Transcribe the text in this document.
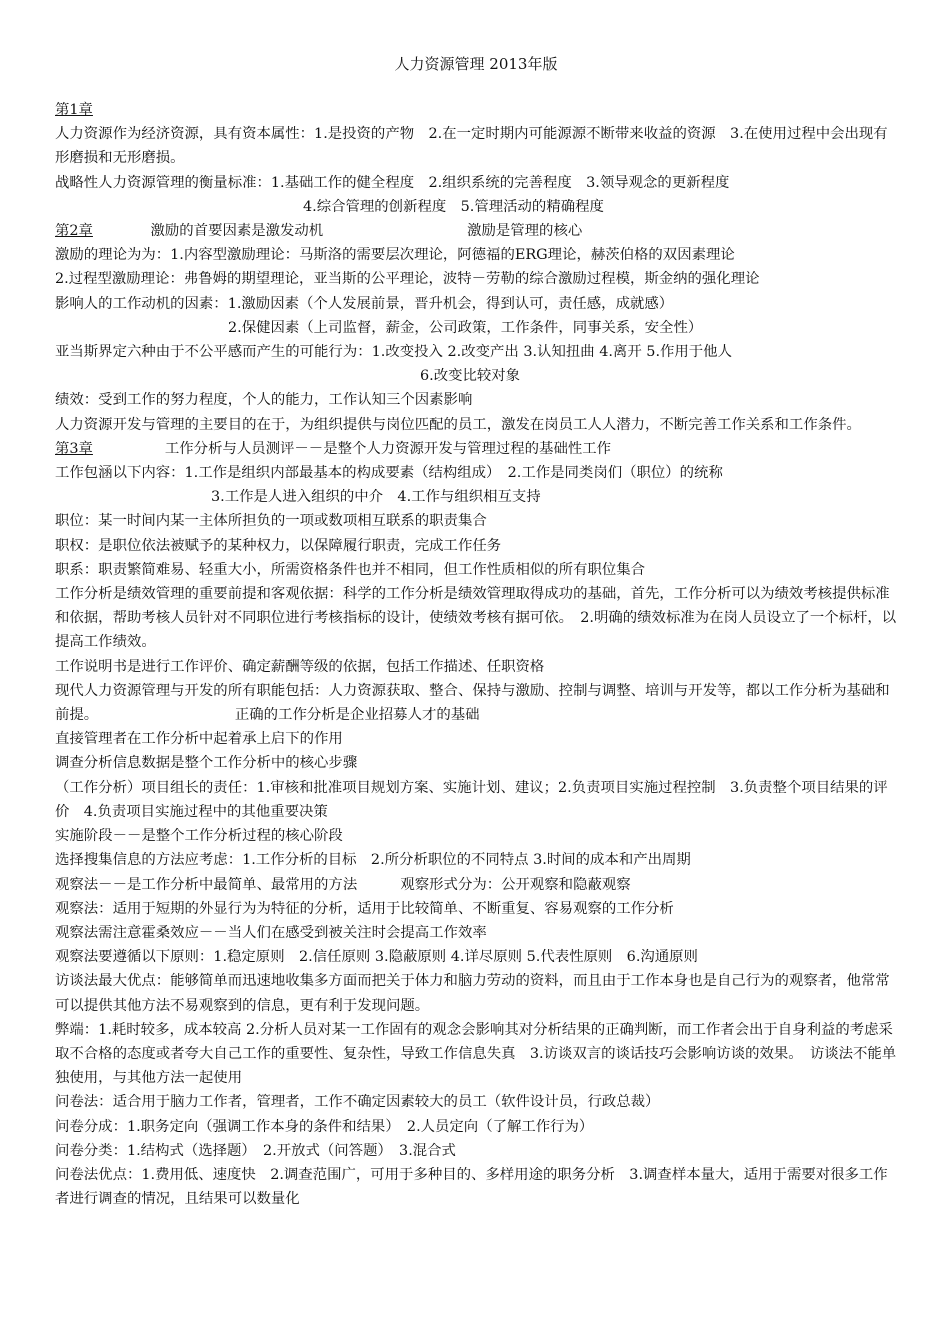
人力资源管理 2013年版

第1章

人力资源作为经济资源，具有资本属性：1.是投资的产物　2.在一定时期内可能源源不断带来收益的资源　3.在使用过程中会出现有形磨损和无形磨损。

战略性人力资源管理的衡量标准：1.基础工作的健全程度　2.组织系统的完善程度　3.领导观念的更新程度

4.综合管理的创新程度　5.管理活动的精确程度

第2章　　　　激励的首要因素是激发动机　　　　　　　　　　激励是管理的核心

激励的理论为为：1.内容型激励理论：马斯洛的需要层次理论，阿德福的ERG理论，赫茨伯格的双因素理论

2.过程型激励理论：弗鲁姆的期望理论，亚当斯的公平理论，波特－劳勒的综合激励过程模，斯金纳的强化理论

影响人的工作动机的因素：1.激励因素（个人发展前景，晋升机会，得到认可，责任感，成就感）

2.保健因素（上司监督，薪金，公司政策，工作条件，同事关系，安全性）

亚当斯界定六种由于不公平感而产生的可能行为：1.改变投入 2.改变产出 3.认知扭曲 4.离开 5.作用于他人

6.改变比较对象

绩效：受到工作的努力程度，个人的能力，工作认知三个因素影响

人力资源开发与管理的主要目的在于，为组织提供与岗位匹配的员工，激发在岗员工人人潜力，不断完善工作关系和工作条件。

第3章　　　　　工作分析与人员测评－－是整个人力资源开发与管理过程的基础性工作

工作包涵以下内容：1.工作是组织内部最基本的构成要素（结构组成）　2.工作是同类岗们（职位）的统称

3.工作是人进入组织的中介　4.工作与组织相互支持

职位：某一时间内某一主体所担负的一项或数项相互联系的职责集合

职权：是职位依法被赋予的某种权力，以保障履行职责，完成工作任务

职系：职责繁简难易、轻重大小，所需资格条件也并不相同，但工作性质相似的所有职位集合

工作分析是绩效管理的重要前提和客观依据：科学的工作分析是绩效管理取得成功的基础，首先，工作分析可以为绩效考核提供标准和依据，帮助考核人员针对不同职位进行考核指标的设计，使绩效考核有据可依。　2.明确的绩效标准为在岗人员设立了一个标杆，以提高工作绩效。

工作说明书是进行工作评价、确定薪酬等级的依据，包括工作描述、任职资格

现代人力资源管理与开发的所有职能包括：人力资源获取、整合、保持与激励、控制与调整、培训与开发等，都以工作分析为基础和前提。　　　　　　　　　　正确的工作分析是企业招募人才的基础

直接管理者在工作分析中起着承上启下的作用

调查分析信息数据是整个工作分析中的核心步骤

（工作分析）项目组长的责任：1.审核和批准项目规划方案、实施计划、建议；2.负责项目实施过程控制　3.负责整个项目结果的评价　4.负责项目实施过程中的其他重要决策

实施阶段－－是整个工作分析过程的核心阶段

选择搜集信息的方法应考虑：1.工作分析的目标　2.所分析职位的不同特点 3.时间的成本和产出周期

观察法－－是工作分析中最简单、最常用的方法　　　观察形式分为：公开观察和隐蔽观察

观察法：适用于短期的外显行为为特征的分析，适用于比较简单、不断重复、容易观察的工作分析

观察法需注意霍桑效应－－当人们在感受到被关注时会提高工作效率

观察法要遵循以下原则：1.稳定原则　2.信任原则 3.隐蔽原则 4.详尽原则 5.代表性原则　6.沟通原则

访谈法最大优点：能够简单而迅速地收集多方面而把关于体力和脑力劳动的资料，而且由于工作本身也是自己行为的观察者，他常常可以提供其他方法不易观察到的信息，更有利于发现问题。

弊端：1.耗时较多，成本较高 2.分析人员对某一工作固有的观念会影响其对分析结果的正确判断，而工作者会出于自身利益的考虑采取不合格的态度或者夸大自己工作的重要性、复杂性，导致工作信息失真　3.访谈双言的谈话技巧会影响访谈的效果。　访谈法不能单独使用，与其他方法一起使用

问卷法：适合用于脑力工作者，管理者，工作不确定因素较大的员工（软件设计员，行政总裁）

问卷分成：1.职务定向（强调工作本身的条件和结果）　2.人员定向（了解工作行为）

问卷分类：1.结构式（选择题）　2.开放式（问答题）　3.混合式

问卷法优点：1.费用低、速度快　2.调查范围广，可用于多种目的、多样用途的职务分析　3.调查样本量大，适用于需要对很多工作者进行调查的情况，且结果可以数量化
